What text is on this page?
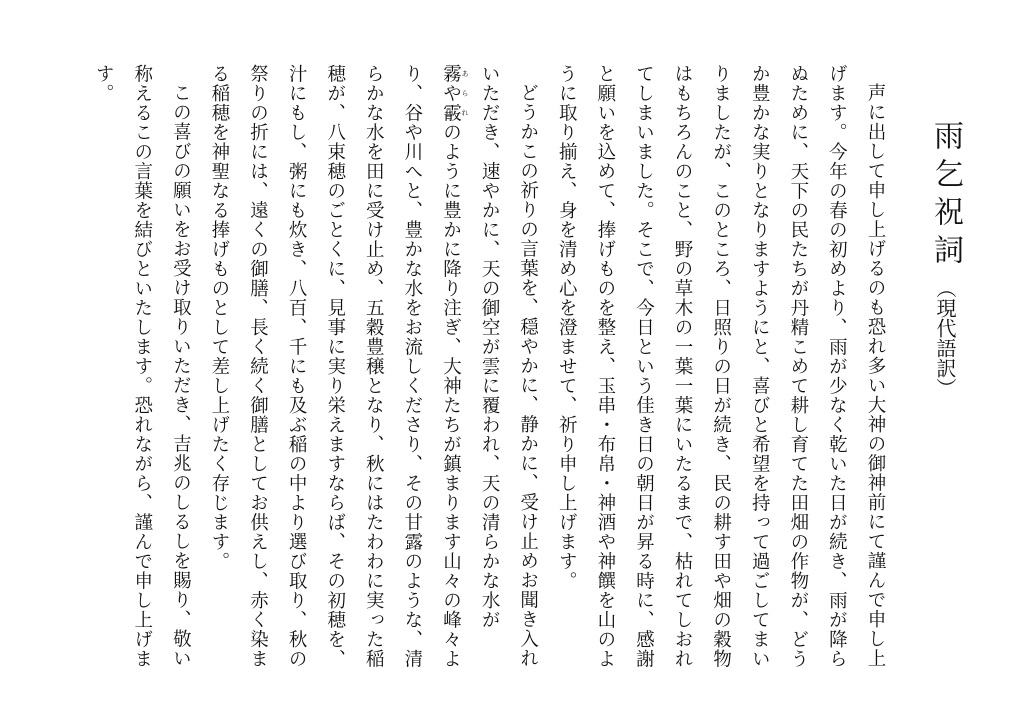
雨乞祝詞（現代語訳）

声に出して申し上げるのも恐れ多い大神の御神前にて謹んで申し上げます。今年の春の初めより、雨が少なく乾いた日が続き、雨が降らぬために、天下の民たちが丹精こめて耕し育てた田畑の作物が、どうか豊かな実りとなりますようにと、喜びと希望を持って過ごしてまいりましたが、このところ、日照りの日が続き、民の耕す田や畑の穀物はもちろんのこと、野の草木の一葉一葉にいたるまで、枯れてしおれてしまいました。そこで、今日という佳き日の朝日が昇る時に、感謝と願いを込めて、捧げものを整え、玉串・布帛・神酒や神饌を山のように取り揃え、身を清め心を澄ませて、祈り申し上げます。

どうかこの祈りの言葉を、穏やかに、静かに、受け止めお聞き入れいただき、速やかに、天の御空が雲に覆われ、天の清らかな水が霧や霰 あられのように豊かに降り注ぎ、大神たちが鎮まります山々の峰々より、谷や川へと、豊かな水をお流しくださり、その甘露のような、清らかな水を田に受け止め、五穀豊穣となり、秋にはたわわに実った稲穂が、八束穂のごとくに、見事に実り栄えますならば、その初穂を、汁にもし、粥にも炊き、八百、千にも及ぶ稲の中より選び取り、秋の祭りの折には、遠くの御膳、長く続く御膳としてお供えし、赤く染まる稲穂を神聖なる捧げものとして差し上げたく存じます。

この喜びの願いをお受け取りいただき、吉兆のしるしを賜り、敬い称えるこの言葉を結びといたします。恐れながら、謹んで申し上げます。
